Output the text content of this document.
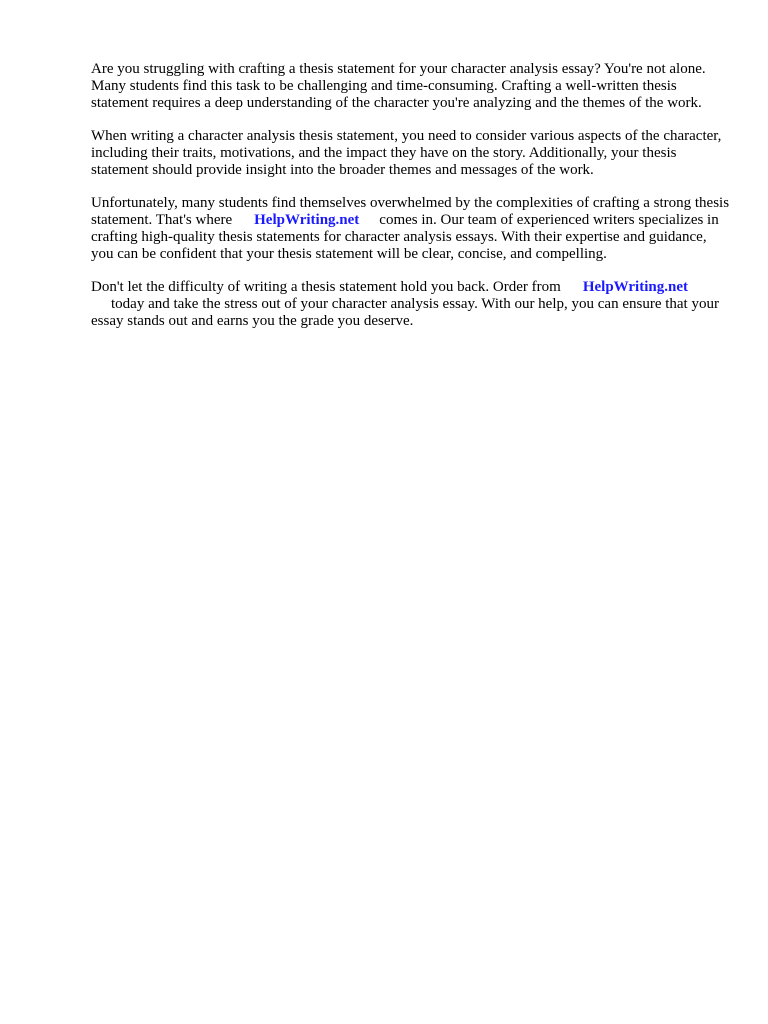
Are you struggling with crafting a thesis statement for your character analysis essay? You're not alone. Many students find this task to be challenging and time-consuming. Crafting a well-written thesis statement requires a deep understanding of the character you're analyzing and the themes of the work.

When writing a character analysis thesis statement, you need to consider various aspects of the character, including their traits, motivations, and the impact they have on the story. Additionally, your thesis statement should provide insight into the broader themes and messages of the work.

Unfortunately, many students find themselves overwhelmed by the complexities of crafting a strong thesis statement. That's where HelpWriting.net comes in. Our team of experienced writers specializes in crafting high-quality thesis statements for character analysis essays. With their expertise and guidance, you can be confident that your thesis statement will be clear, concise, and compelling.

Don't let the difficulty of writing a thesis statement hold you back. Order from HelpWriting.net
today and take the stress out of your character analysis essay. With our help, you can ensure that your essay stands out and earns you the grade you deserve.
